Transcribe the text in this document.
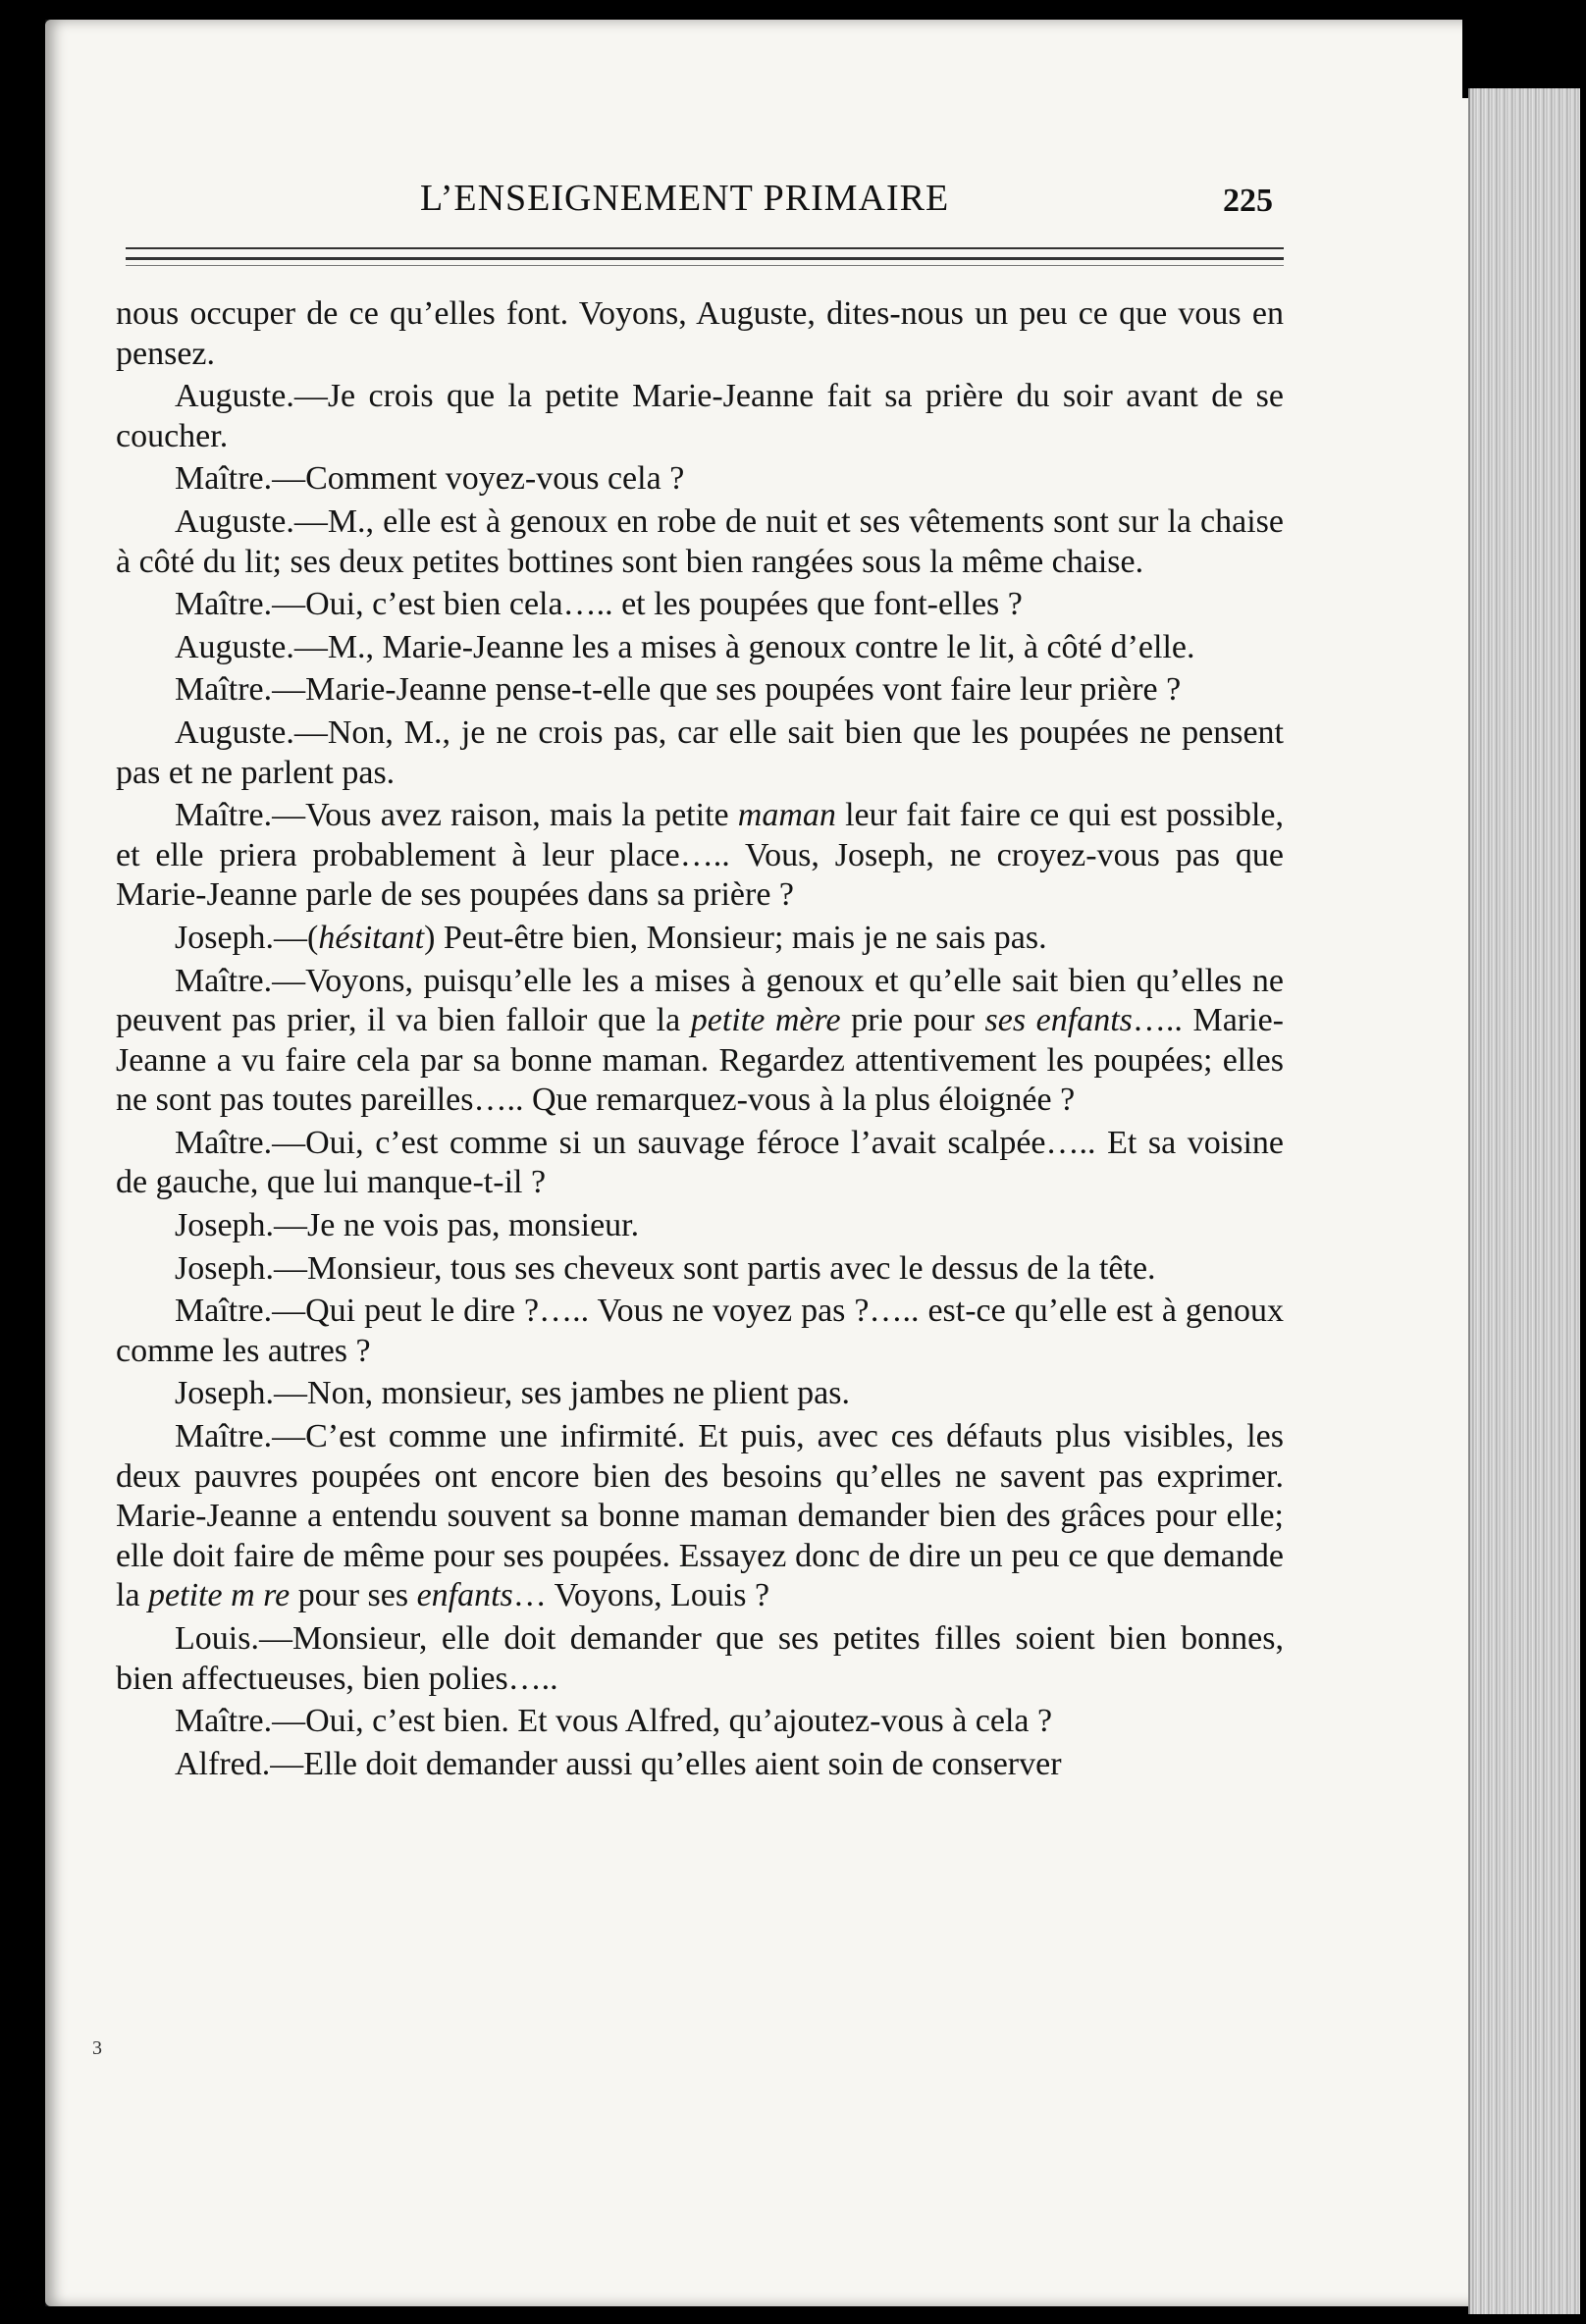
L’ENSEIGNEMENT PRIMAIRE	225

nous occuper de ce qu’elles font. Voyons, Auguste, dites-nous un peu ce que vous en pensez.

Auguste.—Je crois que la petite Marie-Jeanne fait sa prière du soir avant de se coucher.

Maître.—Comment voyez-vous cela ?

Auguste.—M., elle est à genoux en robe de nuit et ses vêtements sont sur la chaise à côté du lit; ses deux petites bottines sont bien rangées sous la même chaise.

Maître.—Oui, c’est bien cela….. et les poupées que font-elles ?

Auguste.—M., Marie-Jeanne les a mises à genoux contre le lit, à côté d’elle.

Maître.—Marie-Jeanne pense-t-elle que ses poupées vont faire leur prière ?

Auguste.—Non, M., je ne crois pas, car elle sait bien que les poupées ne pensent pas et ne parlent pas.

Maître.—Vous avez raison, mais la petite maman leur fait faire ce qui est possible, et elle priera probablement à leur place….. Vous, Joseph, ne croyez-vous pas que Marie-Jeanne parle de ses poupées dans sa prière ?

Joseph.—(hésitant) Peut-être bien, Monsieur; mais je ne sais pas.

Maître.—Voyons, puisqu’elle les a mises à genoux et qu’elle sait bien qu’elles ne peuvent pas prier, il va bien falloir que la petite mère prie pour ses enfants….. Marie-Jeanne a vu faire cela par sa bonne maman. Regardez attentivement les poupées; elles ne sont pas toutes pareilles….. Que remarquez-vous à la plus éloignée ?

Maître.—Oui, c’est comme si un sauvage féroce l’avait scalpée….. Et sa voisine de gauche, que lui manque-t-il ?

Joseph.—Je ne vois pas, monsieur.

Joseph.—Monsieur, tous ses cheveux sont partis avec le dessus de la tête.

Maître.—Qui peut le dire ?….. Vous ne voyez pas ?….. est-ce qu’elle est à genoux comme les autres ?

Joseph.—Non, monsieur, ses jambes ne plient pas.

Maître.—C’est comme une infirmité. Et puis, avec ces défauts plus visibles, les deux pauvres poupées ont encore bien des besoins qu’elles ne savent pas exprimer. Marie-Jeanne a entendu souvent sa bonne maman demander bien des grâces pour elle; elle doit faire de même pour ses poupées. Essayez donc de dire un peu ce que demande la petite m re pour ses enfants… Voyons, Louis ?

Louis.—Monsieur, elle doit demander que ses petites filles soient bien bonnes, bien affectueuses, bien polies…..

Maître.—Oui, c’est bien. Et vous Alfred, qu’ajoutez-vous à cela ?

Alfred.—Elle doit demander aussi qu’elles aient soin de conserver

3
